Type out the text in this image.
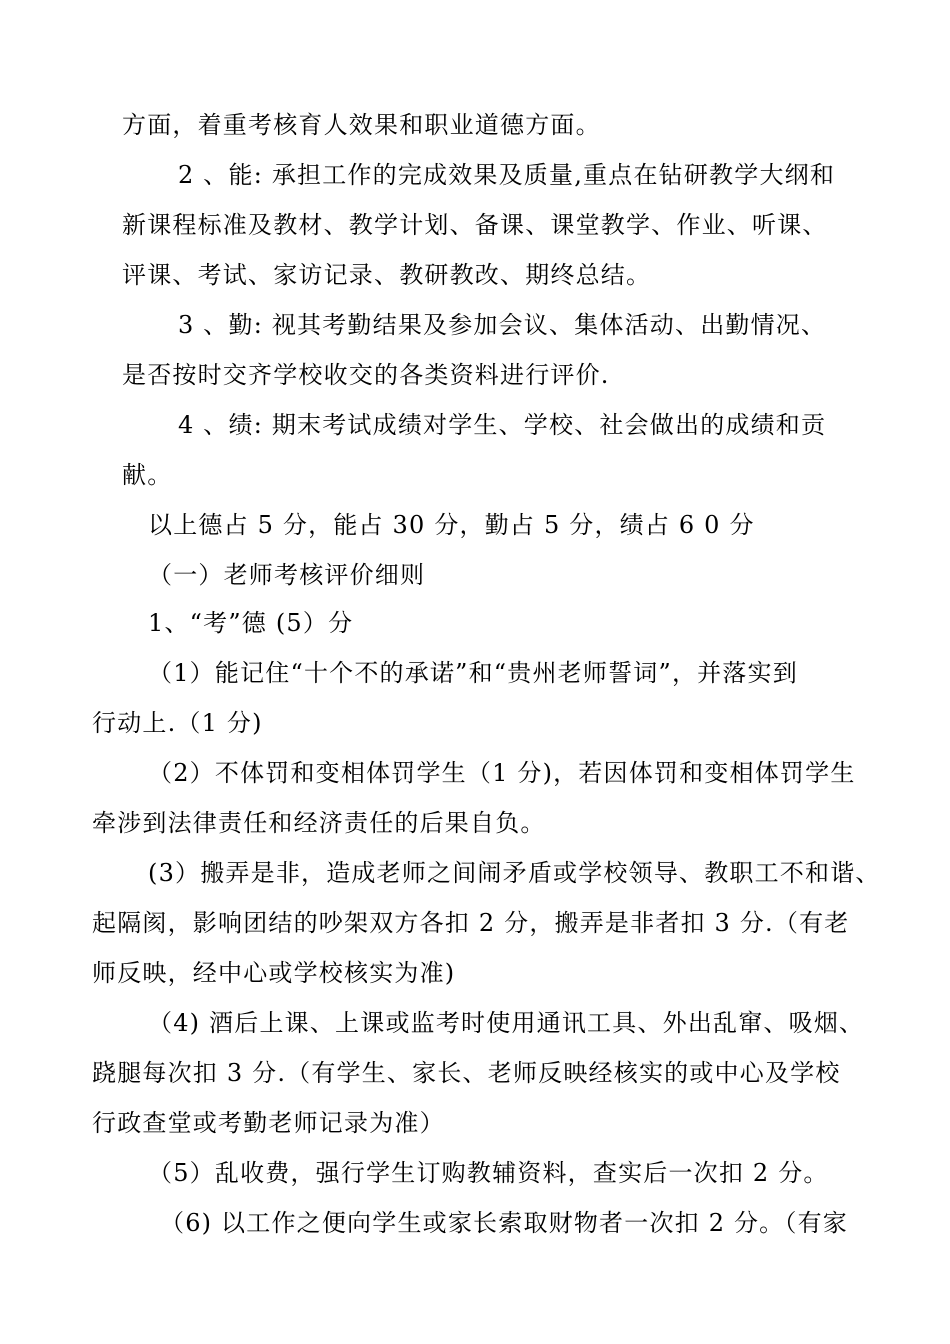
方面，着重考核育人效果和职业道德方面。
2 、能: 承担工作的完成效果及质量,重点在钻研教学大纲和
新课程标准及教材、教学计划、备课、课堂教学、作业、听课、
评课、考试、家访记录、教研教改、期终总结。
3 、勤: 视其考勤结果及参加会议、集体活动、出勤情况、
是否按时交齐学校收交的各类资料进行评价.
4 、绩: 期末考试成绩对学生、学校、社会做出的成绩和贡
献。
以上德占 5 分，能占 30 分，勤占 5 分，绩占 6 0 分
（一）老师考核评价细则
1、“考”德 (5）分
（1）能记住“十个不的承诺”和“贵州老师誓词”，并落实到
行动上.（1 分)
（2）不体罚和变相体罚学生（1 分)，若因体罚和变相体罚学生
牵涉到法律责任和经济责任的后果自负。
(3）搬弄是非，造成老师之间闹矛盾或学校领导、教职工不和谐、
起隔阂，影响团结的吵架双方各扣 2 分，搬弄是非者扣 3 分.（有老
师反映，经中心或学校核实为准)
（4) 酒后上课、上课或监考时使用通讯工具、外出乱窜、吸烟、
跷腿每次扣 3 分.（有学生、家长、老师反映经核实的或中心及学校
行政查堂或考勤老师记录为准）
（5）乱收费，强行学生订购教辅资料，查实后一次扣 2 分。
（6) 以工作之便向学生或家长索取财物者一次扣 2 分。（有家
